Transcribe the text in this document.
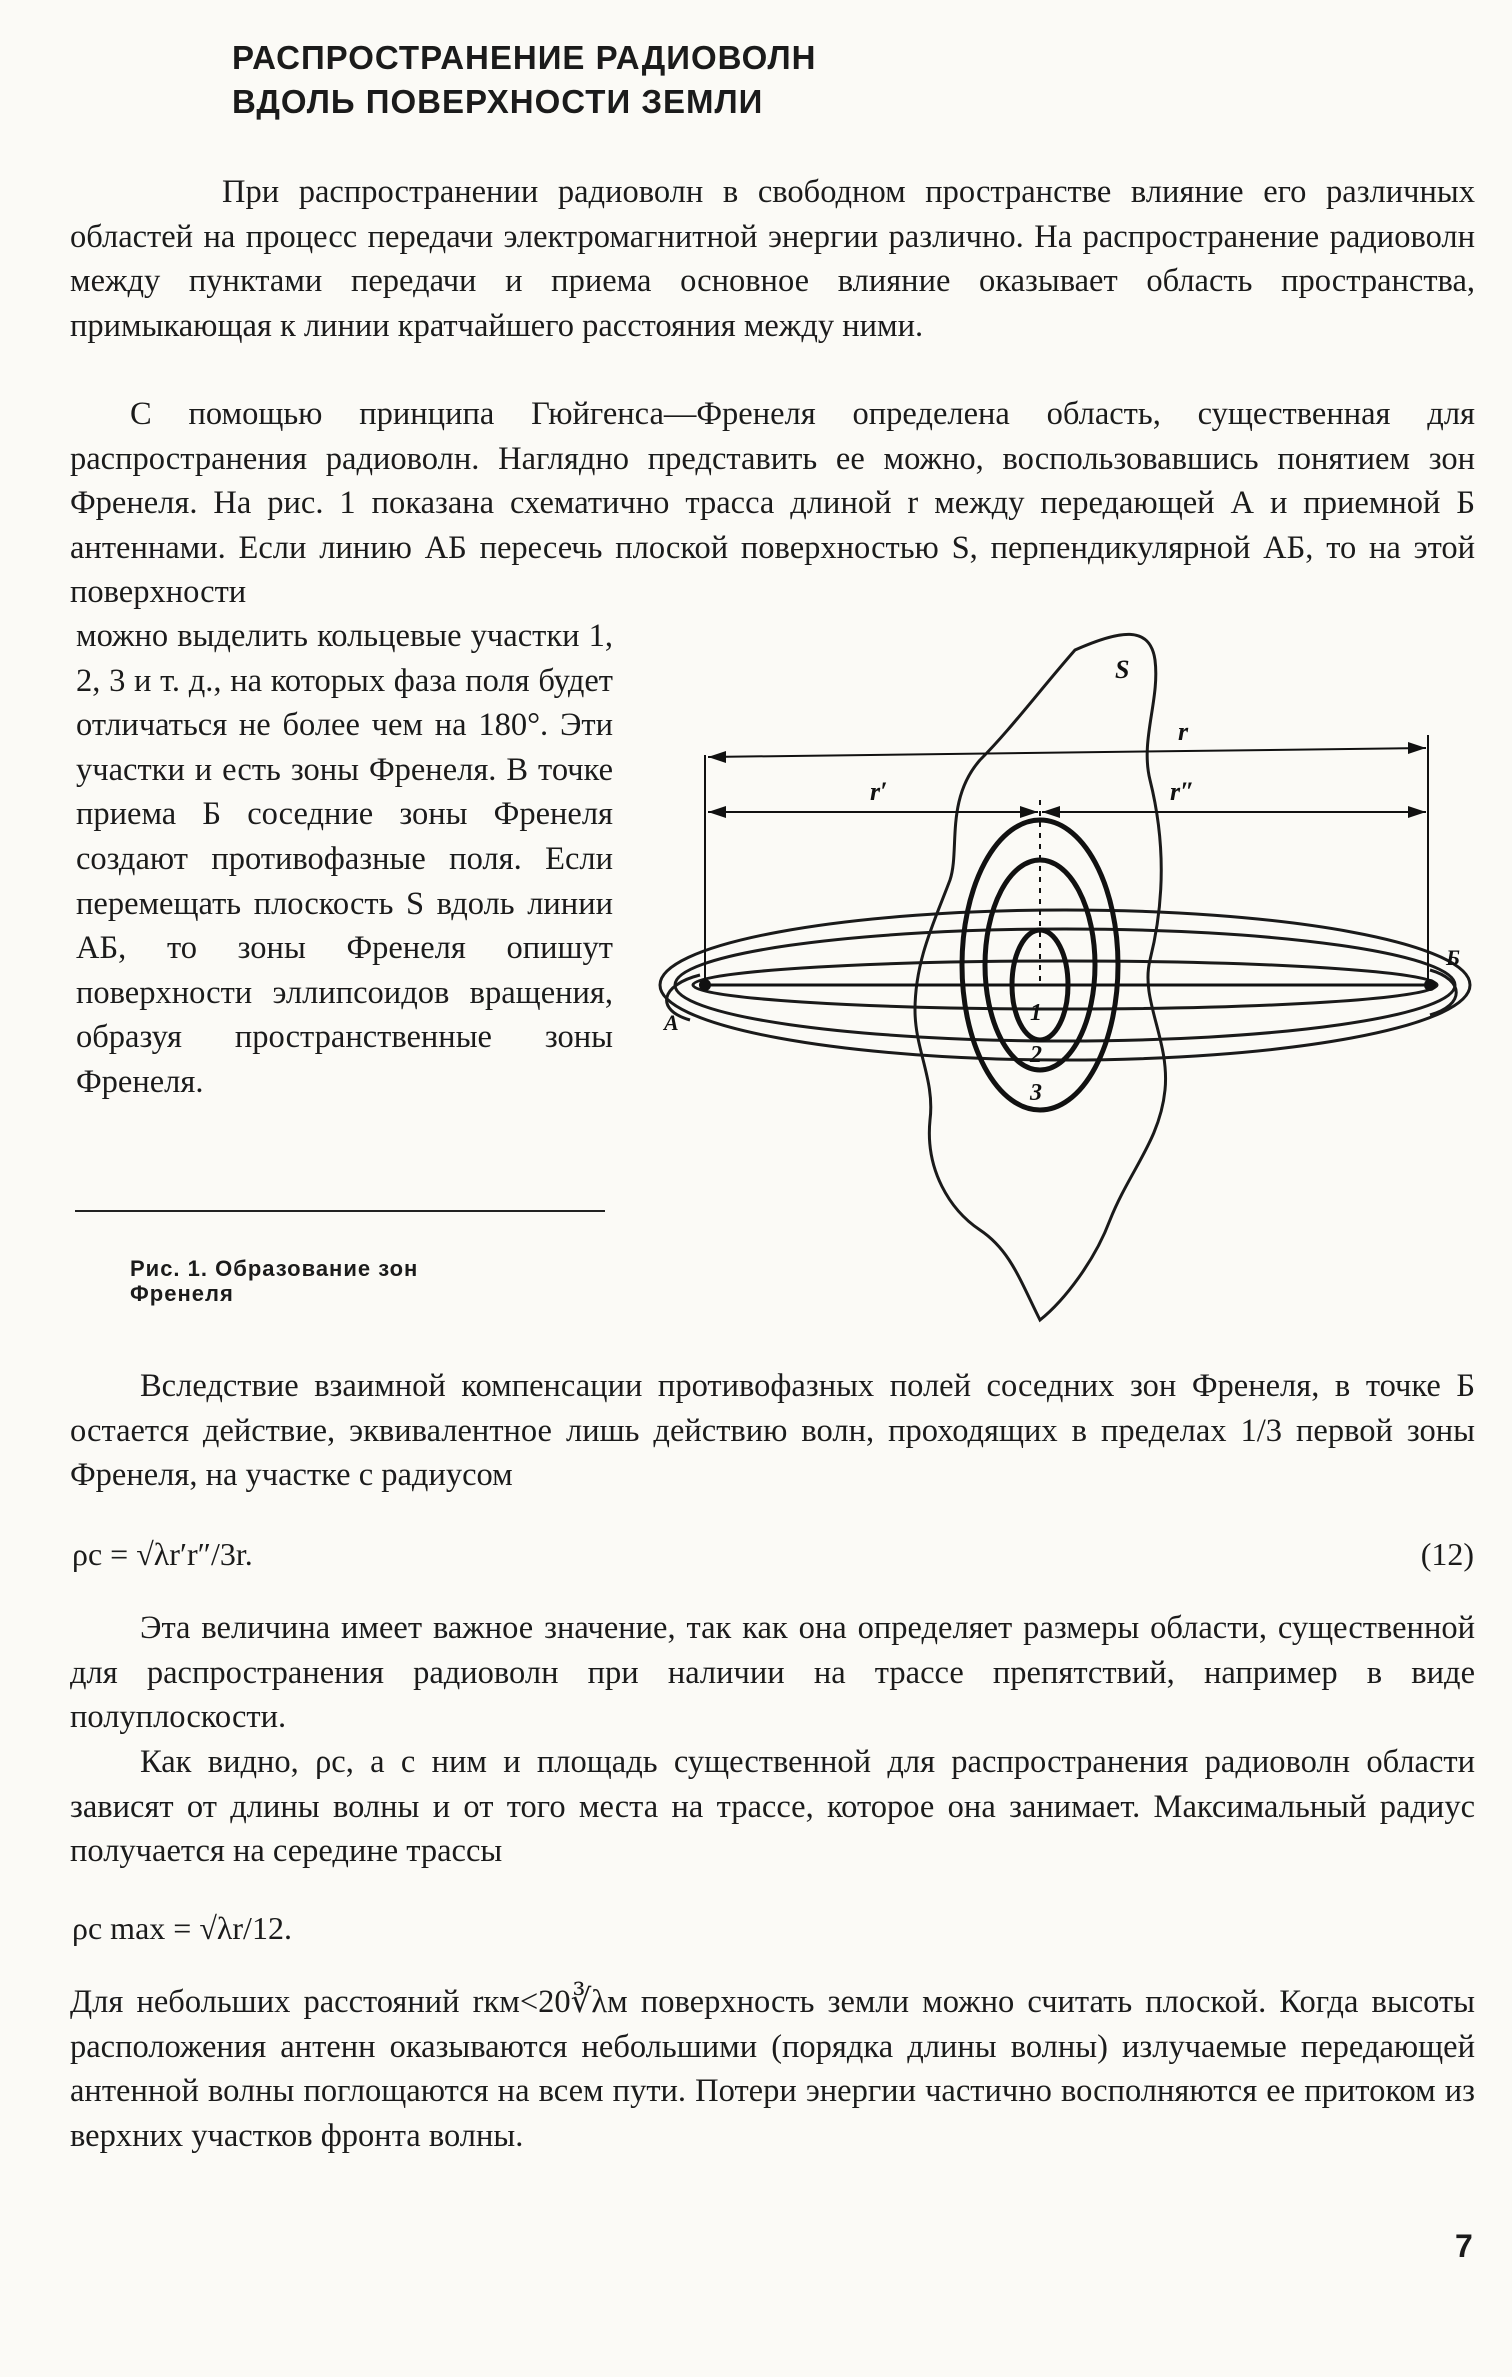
РАСПРОСТРАНЕНИЕ РАДИОВОЛН
ВДОЛЬ ПОВЕРХНОСТИ ЗЕМЛИ

При распространении радиоволн в свободном пространстве влияние его различных областей на процесс передачи электромагнитной энергии различно. На распространение радиоволн между пунктами передачи и приема основное влияние оказывает область пространства, примыкающая к линии кратчайшего расстояния между ними.

С помощью принципа Гюйгенса—Френеля определена область, существенная для распространения радиоволн. Наглядно представить ее можно, воспользовавшись понятием зон Френеля. На рис. 1 показана схематично трасса длиной r между передающей А и приемной Б антеннами. Если линию АБ пересечь плоской поверхностью S, перпендикулярной АБ, то на этой поверхности

можно выделить кольцевые участки 1, 2, 3 и т. д., на которых фаза поля будет отличаться не более чем на 180°. Эти участки и есть зоны Френеля. В точке приема Б соседние зоны Френеля создают противофазные поля. Если перемещать плоскость S вдоль линии АБ, то зоны Френеля опишут поверхности эллипсоидов вращения, образуя пространственные зоны Френеля.

Рис. 1. Образование зон
Френеля
S
r
r′	r″
А
Б
1
2
3

Вследствие взаимной компенсации противофазных полей соседних зон Френеля, в точке Б остается действие, эквивалентное лишь действию волн, проходящих в пределах 1/3 первой зоны Френеля, на участке с радиусом

ρc = √λr′r″/3r.	(12)

Эта величина имеет важное значение, так как она определяет размеры области, существенной для распространения радиоволн при наличии на трассе препятствий, например в виде полуплоскости.

Как видно, ρc, а с ним и площадь существенной для распространения радиоволн области зависят от длины волны и от того места на трассе, которое она занимает. Максимальный радиус получается на середине трассы

ρc max = √λr/12.

Для небольших расстояний rкм<20∛λм поверхность земли можно считать плоской. Когда высоты расположения антенн оказываются небольшими (порядка длины волны) излучаемые передающей антенной волны поглощаются на всем пути. Потери энергии частично восполняются ее притоком из верхних участков фронта волны.

7
